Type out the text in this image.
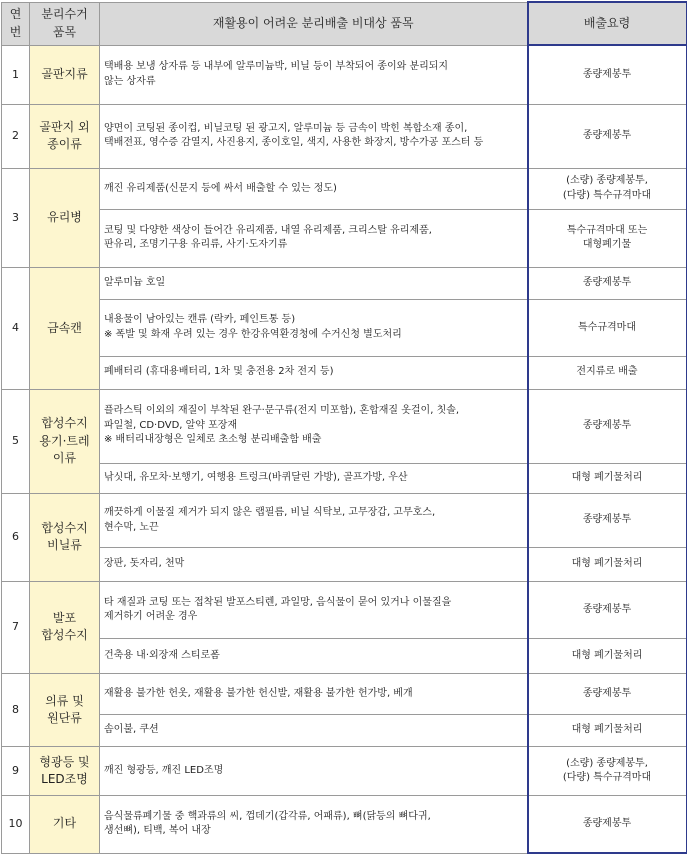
연번	분리수거
품목	재활용이 어려운 분리배출 비대상 품목	배출요령
1	골판지류	택배용 보냉 상자류 등 내부에 알루미늄박, 비닐 등이 부착되어 종이와 분리되지
않는 상자류	종량제봉투

2	골판지 외
종이류	양면이 코팅된 종이컵, 비닐코팅 된 광고지, 알루미늄 등 금속이 박힌 복합소재 종이,
택배전표, 영수증 감열지, 사진용지, 종이호일, 색지, 사용한 화장지, 방수가공 포스터 등	종량제봉투

3	유리병	깨진 유리제품(신문지 등에 싸서 배출할 수 있는 정도)	(소량) 종량제봉투,
(다량) 특수규격마대

		코팅 및 다양한 색상이 들어간 유리제품, 내열 유리제품, 크리스탈 유리제품,
판유리, 조명기구용 유리류, 사기·도자기류	특수규격마대 또는
대형폐기물

4	금속캔	알루미늄 호일	종량제봉투

		내용물이 남아있는 캔류 (락카, 페인트통 등)
※ 폭발 및 화재 우려 있는 경우 한강유역환경청에 수거신청 별도처리	특수규격마대

		폐배터리 (휴대용배터리, 1차 및 충전용 2차 전지 등)	전지류로 배출

5	합성수지
용기·트레
이류	플라스틱 이외의 재질이 부착된 완구·문구류(전지 미포함), 혼합재질 옷걸이, 칫솔,
파일철, CD·DVD, 알약 포장재
※ 배터리내장형은 일체로 초소형 분리배출함 배출	종량제봉투

		낚싯대, 유모차·보행기, 여행용 트렁크(바퀴달린 가방), 골프가방, 우산	대형 폐기물처리

6	합성수지
비닐류	깨끗하게 이물질 제거가 되지 않은 랩필름, 비닐 식탁보, 고무장갑, 고무호스,
현수막, 노끈	종량제봉투

		장판, 돗자리, 천막	대형 폐기물처리

7	발포
합성수지	타 재질과 코팅 또는 접착된 발포스티렌, 과일망, 음식물이 묻어 있거나 이물질을
제거하기 어려운 경우	종량제봉투

		건축용 내·외장재 스티로폼	대형 폐기물처리

8	의류 및
원단류	재활용 불가한 헌옷, 재활용 불가한 헌신발, 재활용 불가한 헌가방, 베개	종량제봉투

		솜이불, 쿠션	대형 폐기물처리

9	형광등 및
LED조명	깨진 형광등, 깨진 LED조명	(소량) 종량제봉투,
(다량) 특수규격마대

10	기타	음식물류폐기물 중 핵과류의 씨, 껍데기(갑각류, 어패류), 뼈(닭등의 뼈다귀,
생선뼈), 티백, 복어 내장	종량제봉투
